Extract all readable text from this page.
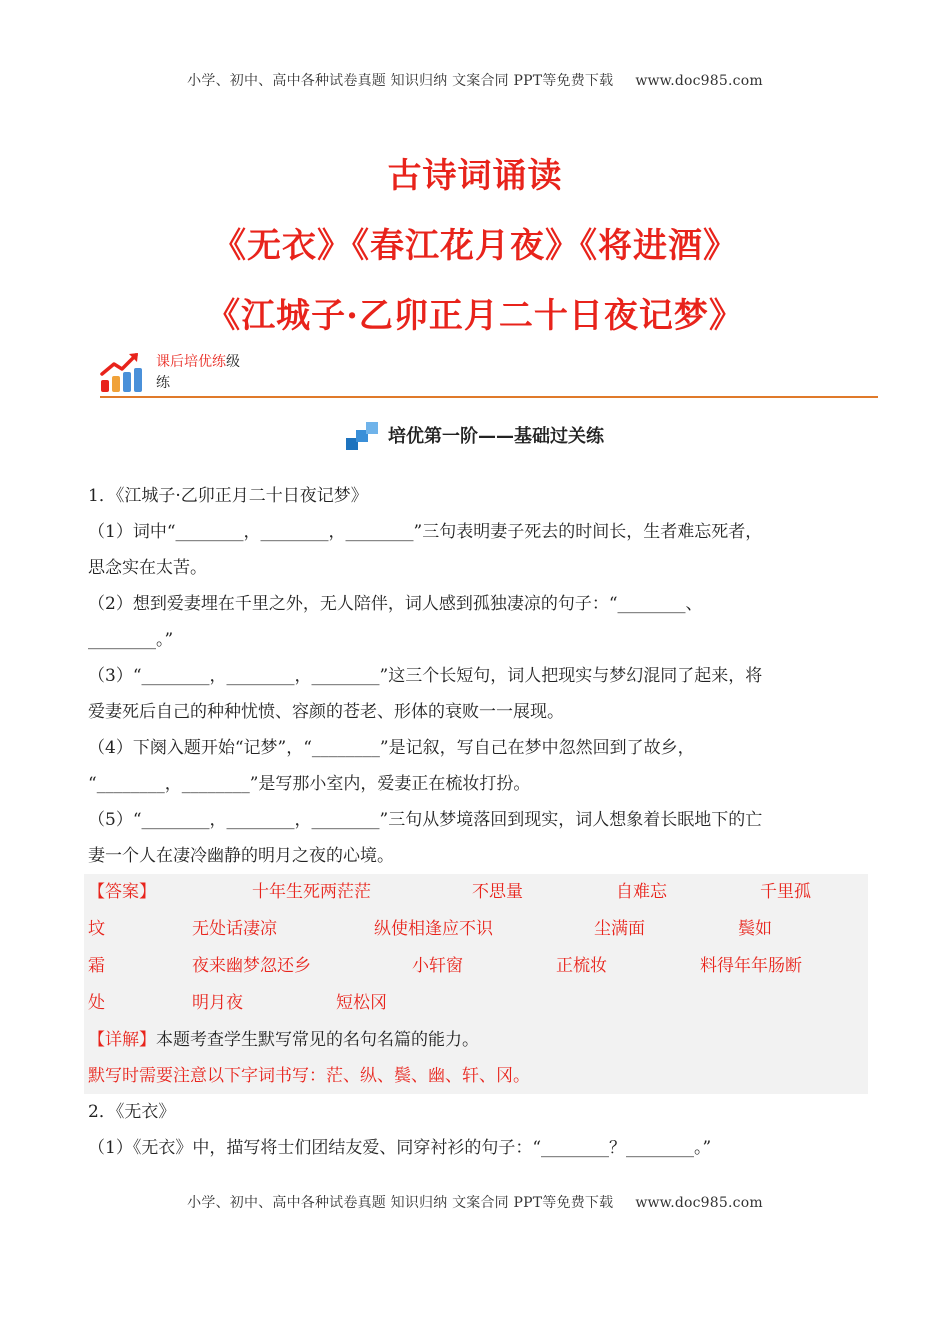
小学、初中、高中各种试卷真题 知识归纳 文案合同 PPT等免费下载 www.doc985.com
古诗词诵读
《无衣》《春江花月夜》《将进酒》
《江城子·乙卯正月二十日夜记梦》
课后培优练级
练
培优第一阶——基础过关练

1．《江城子·乙卯正月二十日夜记梦》

（1）词中“________，________，________”三句表明妻子死去的时间长，生者难忘死者，

思念实在太苦。

（2）想到爱妻埋在千里之外，无人陪伴，词人感到孤独凄凉的句子：“________、

________。”

（3）“________，________，________”这三个长短句，词人把现实与梦幻混同了起来，将

爱妻死后自己的种种忧愤、容颜的苍老、形体的衰败一一展现。

（4）下阕入题开始“记梦”，“________”是记叙，写自己在梦中忽然回到了故乡，

“________，________”是写那小室内，爱妻正在梳妆打扮。

（5）“________，________，________”三句从梦境落回到现实，词人想象着长眠地下的亡

妻一个人在凄冷幽静的明月之夜的心境。

【答案】	十年生死两茫茫	不思量	自难忘	千里孤
坟	无处话凄凉	纵使相逢应不识	尘满面	鬓如
霜	夜来幽梦忽还乡	小轩窗	正梳妆	料得年年肠断
处	明月夜	短松冈
【详解】本题考查学生默写常见的名句名篇的能力。
默写时需要注意以下字词书写：茫、纵、鬓、幽、轩、冈。

2．《无衣》

（1）《无衣》中，描写将士们团结友爱、同穿衬衫的句子：“________？________。”

小学、初中、高中各种试卷真题 知识归纳 文案合同 PPT等免费下载 www.doc985.com
